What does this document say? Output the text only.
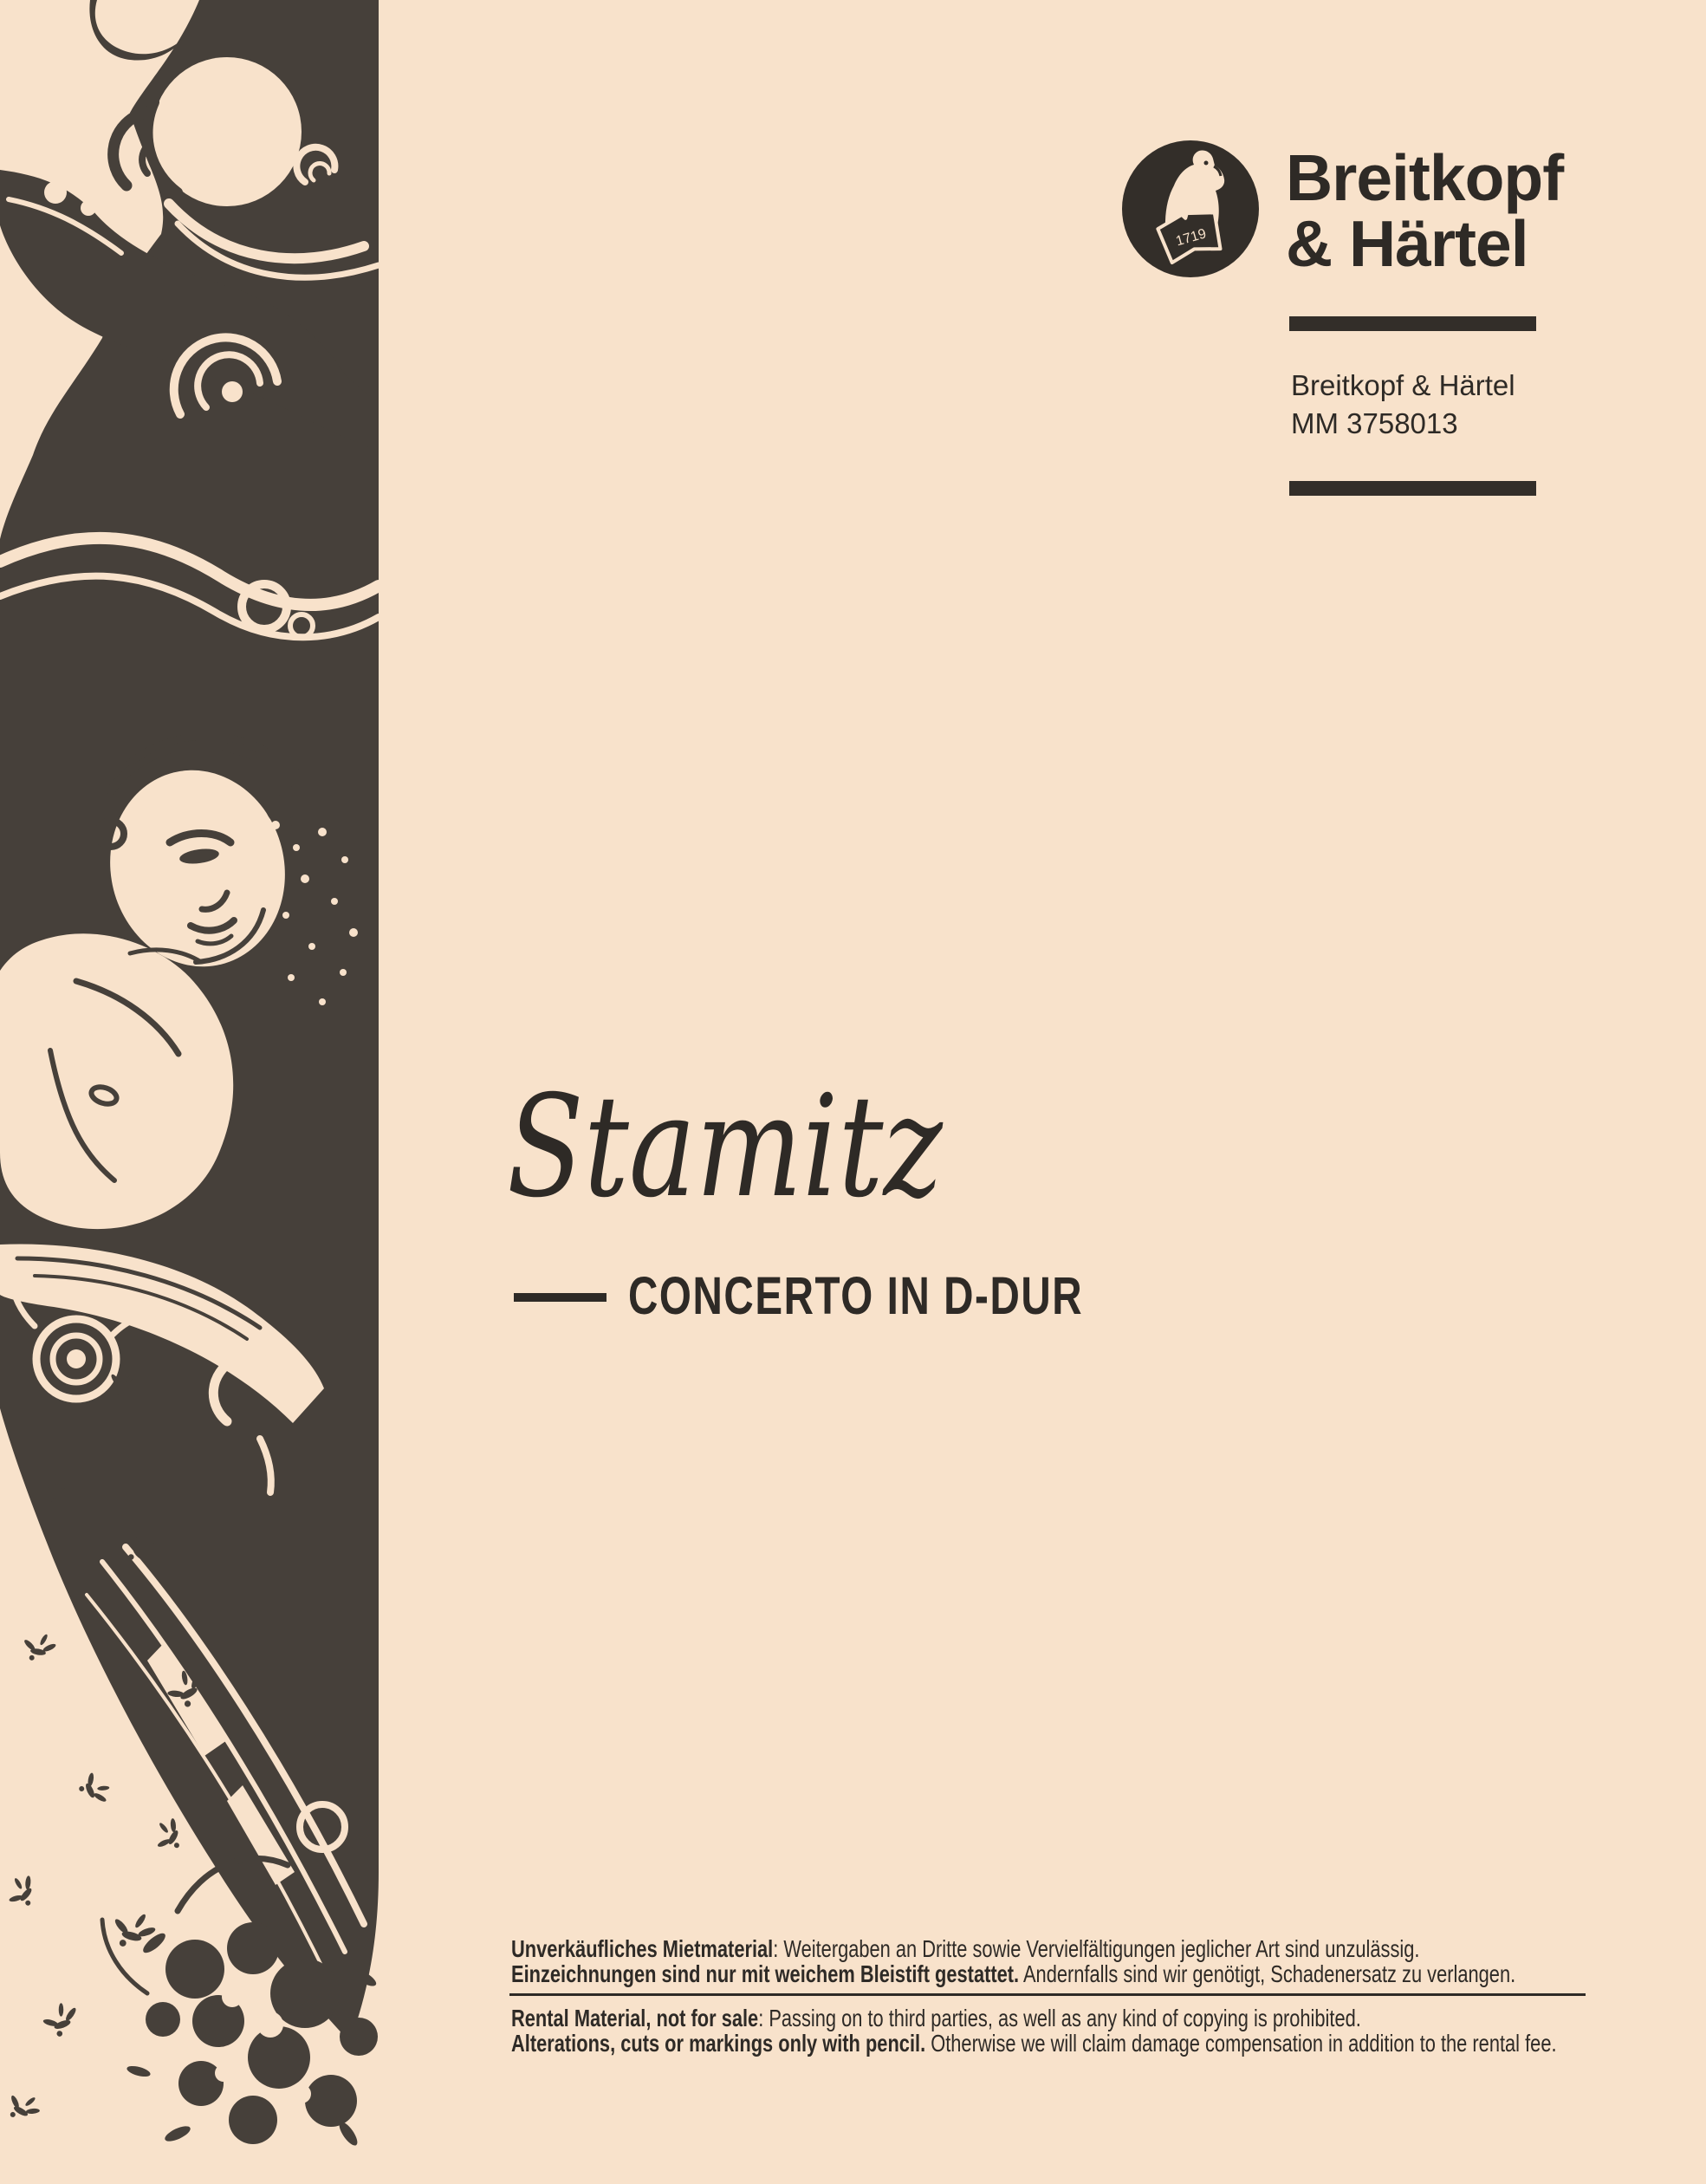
1719
Breitkopf
& Härtel
Breitkopf & Härtel
MM 3758013
Stamitz
CONCERTO IN D-DUR
Unverkäufliches Mietmaterial: Weitergaben an Dritte sowie Vervielfältigungen jeglicher Art sind unzulässig.
Einzeichnungen sind nur mit weichem Bleistift gestattet. Andernfalls sind wir genötigt, Schadenersatz zu verlangen.
Rental Material, not for sale: Passing on to third parties, as well as any kind of copying is prohibited.
Alterations, cuts or markings only with pencil. Otherwise we will claim damage compensation in addition to the rental fee.
